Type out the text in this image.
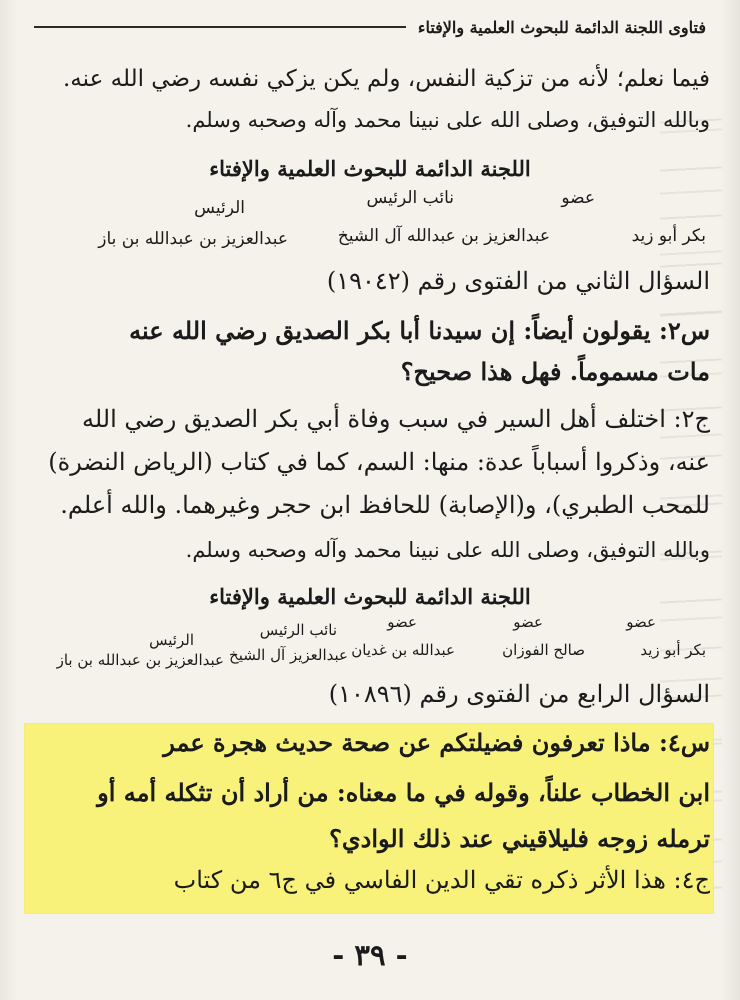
فتاوى اللجنة الدائمة للبحوث العلمية والإفتاء
فيما نعلم؛ لأنه من تزكية النفس، ولم يكن يزكي نفسه رضي الله عنه.
وبالله التوفيق، وصلى الله على نبينا محمد وآله وصحبه وسلم.
اللجنة الدائمة للبحوث العلمية والإفتاء
عضو
نائب الرئيس
الرئيس
بكر أبو زيد
عبدالعزيز بن عبدالله آل الشيخ
عبدالعزيز بن عبدالله بن باز
السؤال الثاني من الفتوى رقم (١٩٠٤٢)
س٢: يقولون أيضاً: إن سيدنا أبا بكر الصديق رضي الله عنه
مات مسموماً. فهل هذا صحيح؟
ج٢: اختلف أهل السير في سبب وفاة أبي بكر الصديق رضي الله
عنه، وذكروا أسباباً عدة: منها: السم، كما في كتاب (الرياض النضرة)
للمحب الطبري)، و(الإصابة) للحافظ ابن حجر وغيرهما. والله أعلم.
وبالله التوفيق، وصلى الله على نبينا محمد وآله وصحبه وسلم.
اللجنة الدائمة للبحوث العلمية والإفتاء
عضو
عضو
عضو
نائب الرئيس
الرئيس
بكر أبو زيد
صالح الفوزان
عبدالله بن غديان
عبدالعزيز آل الشيخ
عبدالعزيز بن عبدالله بن باز
السؤال الرابع من الفتوى رقم (١٠٨٩٦)
س٤: ماذا تعرفون فضيلتكم عن صحة حديث هجرة عمر
ابن الخطاب علناً، وقوله في ما معناه: من أراد أن تثكله أمه أو
ترمله زوجه فليلاقيني عند ذلك الوادي؟
ج٤: هذا الأثر ذكره تقي الدين الفاسي في ج٦ من كتاب
- ٣٩ -
